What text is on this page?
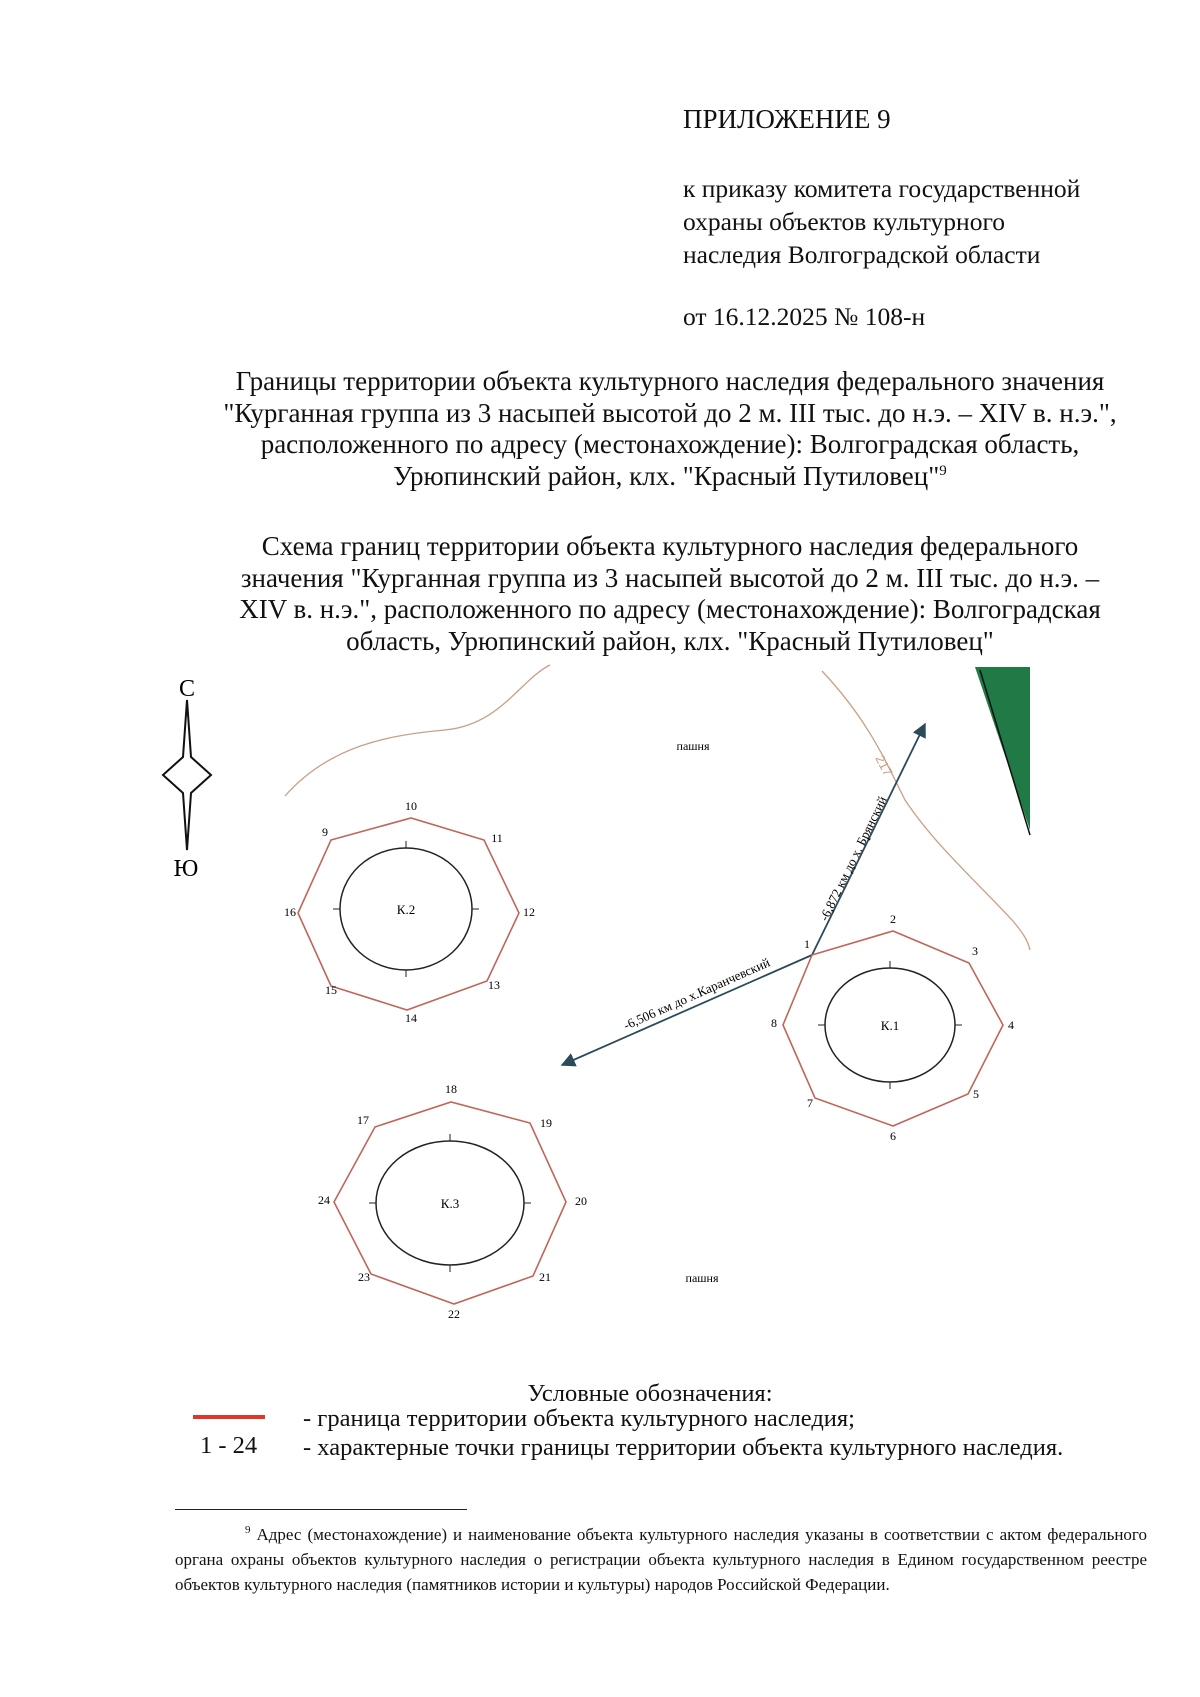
ПРИЛОЖЕНИЕ 9
к приказу комитета государственной
охраны объектов культурного
наследия Волгоградской области
от 16.12.2025 № 108-н
Границы территории объекта культурного наследия федерального значения
"Курганная группа из 3 насыпей высотой до 2 м. III тыс. до н.э. – XIV в. н.э.",
расположенного по адресу (местонахождение): Волгоградская область,
Урюпинский район, клх. "Красный Путиловец"$^9$
Схема границ территории объекта культурного наследия федерального
значения "Курганная группа из 3 насыпей высотой до 2 м. III тыс. до н.э. –
XIV в. н.э.", расположенного по адресу (местонахождение): Волгоградская
область, Урюпинский район, клх. "Красный Путиловец"
С
Ю
217
пашня
пашня
-6,872 км до х. Брянский
-6,506 км до х.Каранчевский	К.1
1
2
3
4
5
6
7
8
К.2
9
10
11
12
13
14
15
16
К.3
17
18
19
20
21
22
23
24
Условные обозначения:
- граница территории объекта культурного наследия;
1 - 24 - характерные точки границы территории объекта культурного наследия.
$^9$ Адрес (местонахождение) и наименование объекта культурного наследия указаны в соответствии с актом федерального органа охраны объектов культурного наследия о регистрации объекта культурного наследия в Едином государственном реестре объектов культурного наследия (памятников истории и культуры) народов Российской Федерации.
